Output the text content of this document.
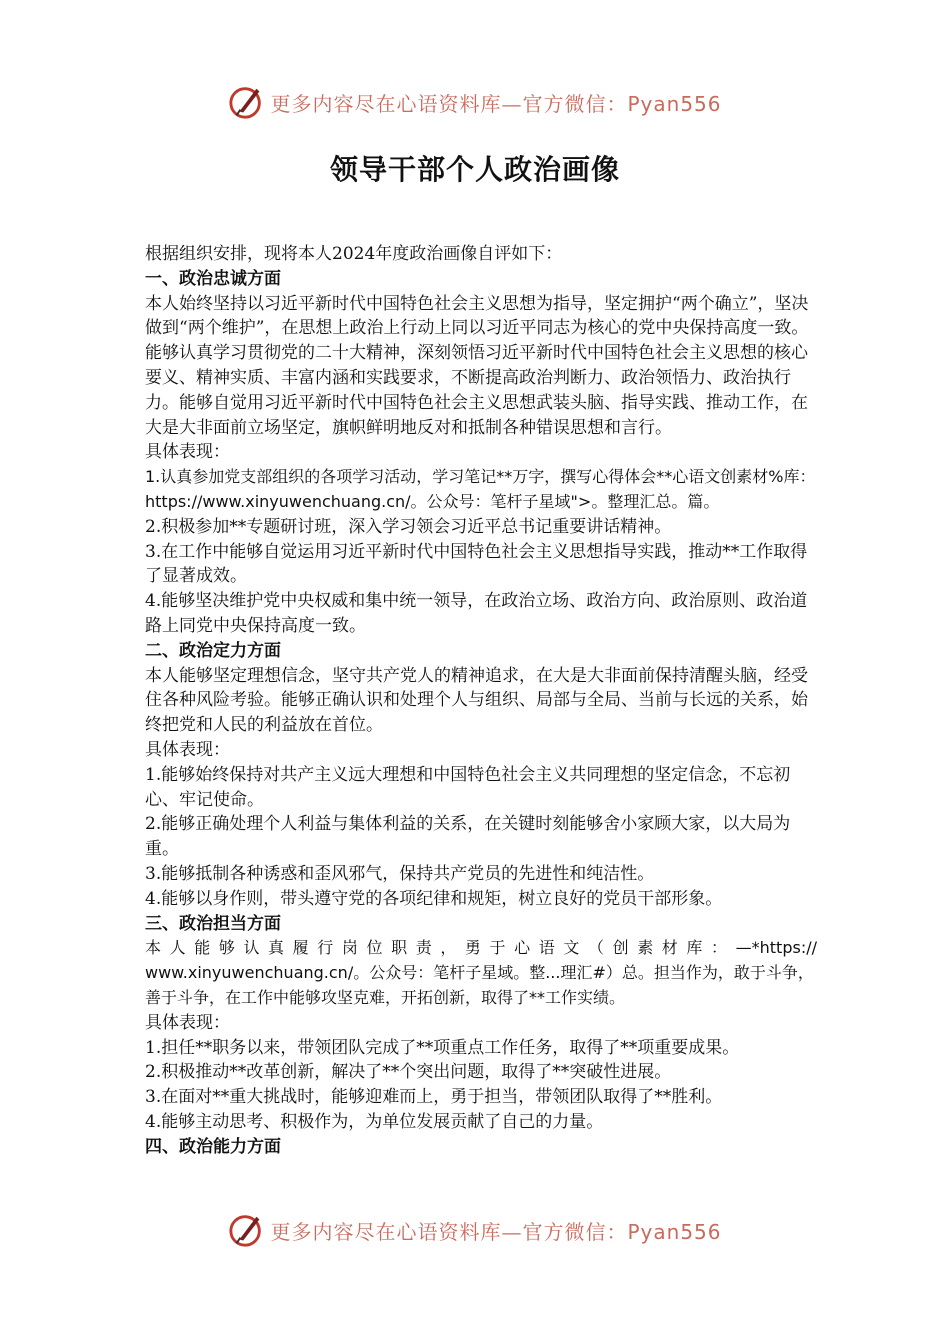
更多内容尽在心语资料库—官方微信：Pyan556
领导干部个人政治画像

根据组织安排，现将本人2024年度政治画像自评如下：

一、政治忠诚方面

本人始终坚持以习近平新时代中国特色社会主义思想为指导，坚定拥护“两个确立”，坚决做到“两个维护”，在思想上政治上行动上同以习近平同志为核心的党中央保持高度一致。能够认真学习贯彻党的二十大精神，深刻领悟习近平新时代中国特色社会主义思想的核心要义、精神实质、丰富内涵和实践要求，不断提高政治判断力、政治领悟力、政治执行力。能够自觉用习近平新时代中国特色社会主义思想武装头脑、指导实践、推动工作，在大是大非面前立场坚定，旗帜鲜明地反对和抵制各种错误思想和言行。

具体表现：

1.认真参加党支部组织的各项学习活动，学习笔记**万字，撰写心得体会**心语文创素材%库：https://www.xinyuwenchuang.cn/。公众号：笔杆子星域">。整理汇总。篇。

2.积极参加**专题研讨班，深入学习领会习近平总书记重要讲话精神。

3.在工作中能够自觉运用习近平新时代中国特色社会主义思想指导实践，推动**工作取得了显著成效。

4.能够坚决维护党中央权威和集中统一领导，在政治立场、政治方向、政治原则、政治道路上同党中央保持高度一致。

二、政治定力方面

本人能够坚定理想信念，坚守共产党人的精神追求，在大是大非面前保持清醒头脑，经受住各种风险考验。能够正确认识和处理个人与组织、局部与全局、当前与长远的关系，始终把党和人民的利益放在首位。

具体表现：

1.能够始终保持对共产主义远大理想和中国特色社会主义共同理想的坚定信念，不忘初心、牢记使命。

2.能够正确处理个人利益与集体利益的关系，在关键时刻能够舍小家顾大家，以大局为重。

3.能够抵制各种诱惑和歪风邪气，保持共产党员的先进性和纯洁性。

4.能够以身作则，带头遵守党的各项纪律和规矩，树立良好的党员干部形象。

三、政治担当方面

本人能够认真履行岗位职责，勇于心语文（创素材库：—*https://

www.xinyuwenchuang.cn/。公众号：笔杆子星域。整...理汇#）总。担当作为，敢于斗争，善于斗争，在工作中能够攻坚克难，开拓创新，取得了**工作实绩。

具体表现：

1.担任**职务以来，带领团队完成了**项重点工作任务，取得了**项重要成果。

2.积极推动**改革创新，解决了**个突出问题，取得了**突破性进展。

3.在面对**重大挑战时，能够迎难而上，勇于担当，带领团队取得了**胜利。

4.能够主动思考、积极作为，为单位发展贡献了自己的力量。

四、政治能力方面

更多内容尽在心语资料库—官方微信：Pyan556
